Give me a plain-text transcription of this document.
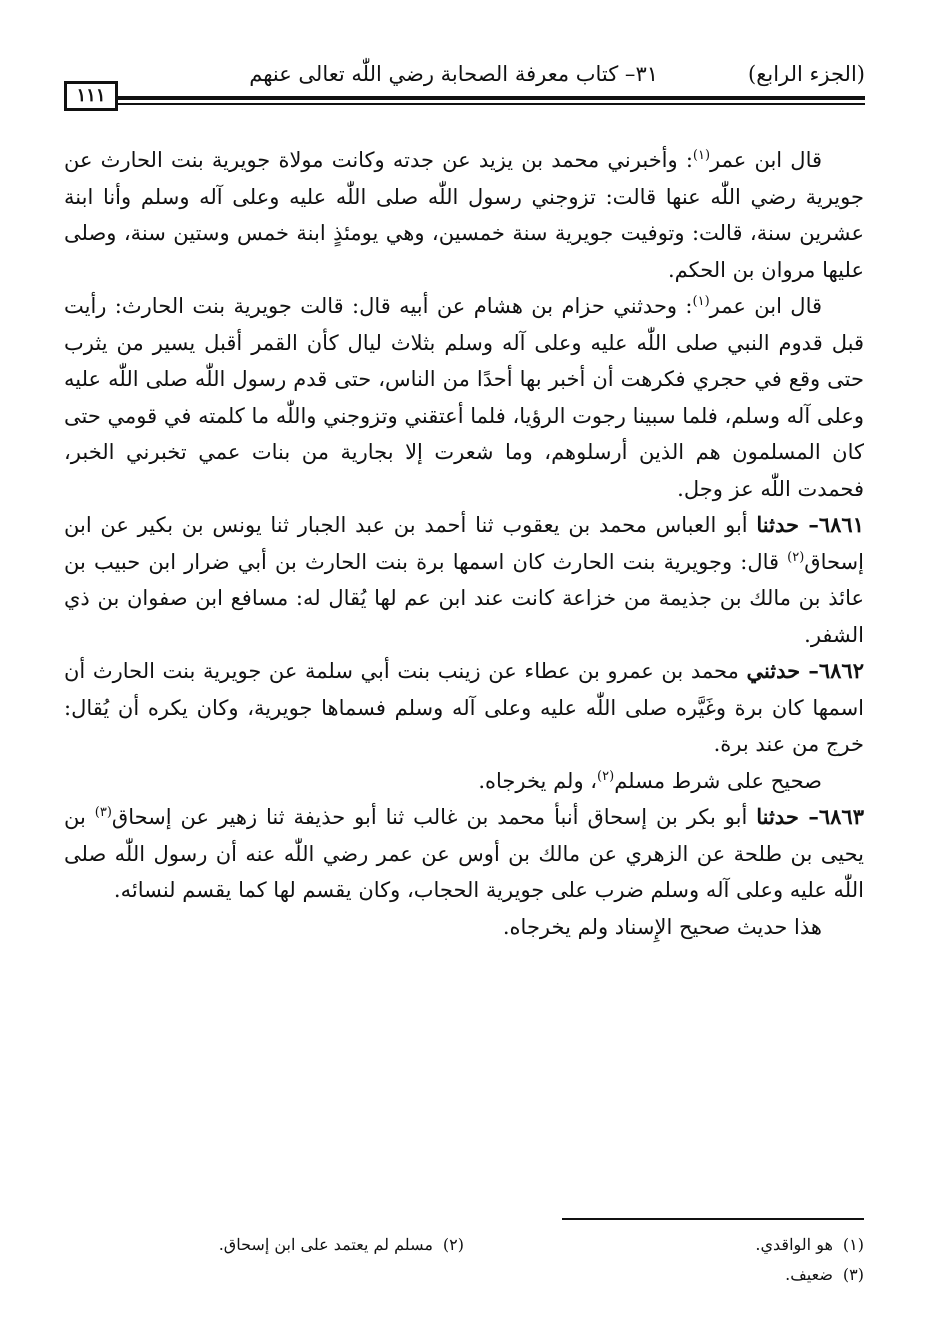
(الجزء الرابع)٣١– كتاب معرفة الصحابة رضي اللّٰه تعالى عنهم
١١١

قال ابن عمر$^{(١)}$: وأخبرني محمد بن يزيد عن جدته وكانت مولاة جويرية بنت الحارث عن جويرية رضي اللّٰه عنها قالت: تزوجني رسول اللّٰه صلى اللّٰه عليه وعلى آله وسلم وأنا ابنة عشرين سنة، قالت: وتوفيت جويرية سنة خمسين، وهي يومئذٍ ابنة خمس وستين سنة، وصلى عليها مروان بن الحكم.

قال ابن عمر$^{(١)}$: وحدثني حزام بن هشام عن أبيه قال: قالت جويرية بنت الحارث: رأيت قبل قدوم النبي صلى اللّٰه عليه وعلى آله وسلم بثلاث ليال كأن القمر أقبل يسير من يثرب حتى وقع في حجري فكرهت أن أخبر بها أحدًا من الناس، حتى قدم رسول اللّٰه صلى اللّٰه عليه وعلى آله وسلم، فلما سبينا رجوت الرؤيا، فلما أعتقني وتزوجني واللّٰه ما كلمته في قومي حتى كان المسلمون هم الذين أرسلوهم، وما شعرت إلا بجارية من بنات عمي تخبرني الخبر، فحمدت اللّٰه عز وجل.

٦٨٦١– حدثنا أبو العباس محمد بن يعقوب ثنا أحمد بن عبد الجبار ثنا يونس بن بكير عن ابن إسحاق$^{(٢)}$ قال: وجويرية بنت الحارث كان اسمها برة بنت الحارث بن أبي ضرار ابن حبيب بن عائذ بن مالك بن جذيمة من خزاعة كانت عند ابن عم لها يُقال له: مسافع ابن صفوان بن ذي الشفر.

٦٨٦٢– حدثني محمد بن عمرو بن عطاء عن زينب بنت أبي سلمة عن جويرية بنت الحارث أن اسمها كان برة وغَيَّره صلى اللّٰه عليه وعلى آله وسلم فسماها جويرية، وكان يكره أن يُقال: خرج من عند برة.

صحيح على شرط مسلم$^{(٢)}$، ولم يخرجاه.

٦٨٦٣– حدثنا أبو بكر بن إسحاق أنبأ محمد بن غالب ثنا أبو حذيفة ثنا زهير عن إسحاق$^{(٣)}$ بن يحيى بن طلحة عن الزهري عن مالك بن أوس عن عمر رضي اللّٰه عنه أن رسول اللّٰه صلى اللّٰه عليه وعلى آله وسلم ضرب على جويرية الحجاب، وكان يقسم لها كما يقسم لنسائه.

هذا حديث صحيح الإِسناد ولم يخرجاه.

(١)هو الواقدي.
(٢)مسلم لم يعتمد على ابن إسحاق.
(٣)ضعيف.
